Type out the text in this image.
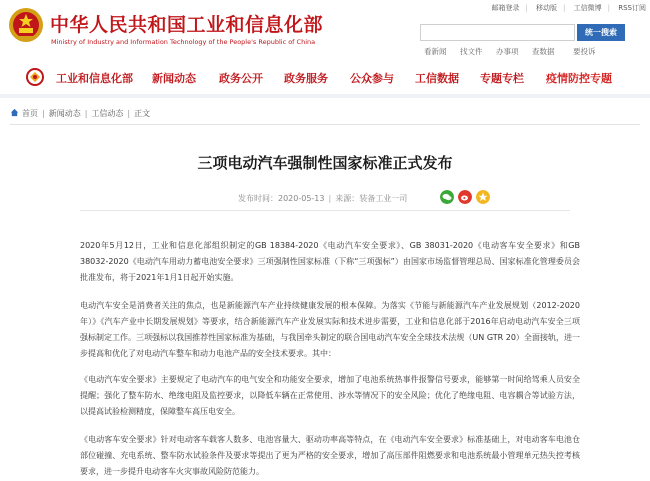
中华人民共和国工业和信息化部
Ministry of Industry and Information Technology of the People's Republic of China
邮箱登录 | 移动版 | 工信微博 | RSS订阅
统一搜索
看新闻 找文件 办事项 查数据 要投诉
工业和信息化部 新闻动态 政务公开 政务服务 公众参与 工信数据 专题专栏 疫情防控专题
首页 | 新闻动态 | 工信动态 | 正文
三项电动汽车强制性国家标准正式发布
发布时间：2020-05-13 | 来源：装备工业一司
2020年5月12日，工业和信息化部组织制定的GB 18384-2020《电动汽车安全要求》、GB 38031-2020《电动客车安全要求》和GB 38032-2020《电动汽车用动力蓄电池安全要求》三项强制性国家标准（下称“三项强标”）由国家市场监督管理总局、国家标准化管理委员会批准发布，将于2021年1月1日起开始实施。
电动汽车安全是消费者关注的焦点，也是新能源汽车产业持续健康发展的根本保障。为落实《节能与新能源汽车产业发展规划（2012-2020年）》《汽车产业中长期发展规划》等要求，结合新能源汽车产业发展实际和技术进步需要，工业和信息化部于2016年启动电动汽车安全三项强标制定工作。三项强标以我国推荐性国家标准为基础，与我国牵头制定的联合国电动汽车安全全球技术法规（UN GTR 20）全面接轨，进一步提高和优化了对电动汽车整车和动力电池产品的安全技术要求。其中：
《电动汽车安全要求》主要规定了电动汽车的电气安全和功能安全要求，增加了电池系统热事件报警信号要求，能够第一时间给驾乘人员安全提醒；强化了整车防水、绝缘电阻及监控要求，以降低车辆在正常使用、涉水等情况下的安全风险；优化了绝缘电阻、电容耦合等试验方法，以提高试验检测精度，保障整车高压电安全。
《电动客车安全要求》针对电动客车载客人数多、电池容量大、驱动功率高等特点，在《电动汽车安全要求》标准基础上，对电动客车电池仓部位碰撞、充电系统、整车防水试验条件及要求等提出了更为严格的安全要求，增加了高压部件阻燃要求和电池系统最小管理单元热失控考核要求，进一步提升电动客车火灾事故风险防范能力。
